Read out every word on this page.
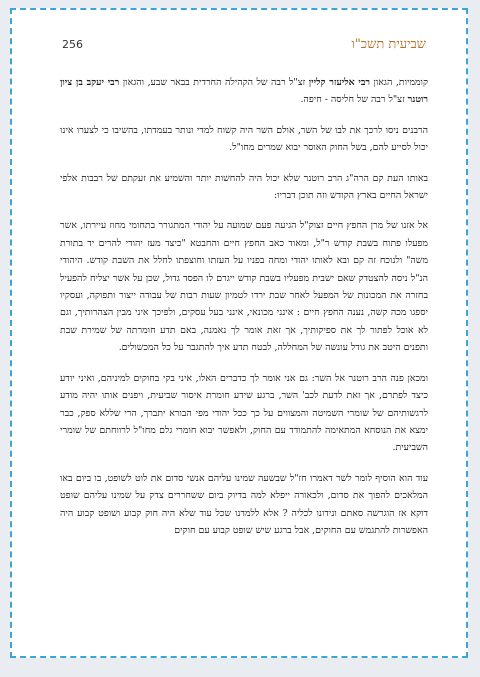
256	שביעית תשכ"ו

קוממיות, הגאון רבי אליעזר קליין זצ"ל רבה של הקהילה החרדית בבאר שבע, והגאון רבי יעקב בן ציון רוטנר זצ"ל רבה של חליסה - חיפה.

הרבנים ניסו לרכך את לבו של השר, אולם השר היה קשוח למדי ונותר בעמדתו, בהשיבו כי לצערו אינו יכול לסייע להם, בשל החוק האוסר יבוא שמרים מחו"ל.

באותו העת קם הרה"ג הרב רוטנר שלא יכול היה להחשות יותר והשמיע את זעקתם של רבבות אלפי ישראל החיים בארץ הקודש וזה תוכן דבריו:

אל אזנו של מרן החפץ חיים זצוק"ל הגיעה פעם שמועה על יהודי המתגורר בתחומי מחוז עיירתו, אשר מפעלו פתוח בשבת קודש ר"ל, ומאוד כאב החפץ חיים והחבטא "כיצד מעז יהודי להרים יד בתורת משה" ולנוכח זה קם ובא לאותו יהודי ומחה בפניו על העזתו וחוצפתו לחלל את השבת קודש. היהודי הנ"ל ניסה להצטדק שאם ישבית מפעליו בשבת קודש ייגרם לו הפסד גדול, שכן על אשר יצליח להפעיל בחזרה את המכונות של המפעל לאחר שבת ירדו לטמיון שעות רבות של עבודה ייצור ותפוקה, ועסקיו יספגו מכה קשה, נענה החפץ חיים : אינני מכונאי, אינני בעל עסקים, ולפיכך איני מבין הצהרותיך, וגם לא אוכל לפתור לך את ספיקותיך, אך זאת אומר לך נאמנה, באם תדע חומרתה של שמירת שבת ותפנים היטב את גודל עונשה של המחללה, לבטח תדע איך להתגבר על כל המכשולים.

ומכאן פנה הרב רוטנר אל השר: גם אני אומר לך כדברים האלו, איני בקי בחוקים למיניהם, ואיני יודע כיצד לפתרם, אך זאת לדעת לכב' השר, ברגע שידע חומרת איסור שביעית, ויפנים אותו יהיה מודע לרגשותיהם של שומרי השמיטה והמצווים על כך ככל יהודי מפי הבורא יתברך, הרי שללא ספק, כבר ימצא את הנוסחא המתאימה להתמודד עם החוק, ולאפשר יבוא חומרי גלם מחו"ל לרווחתם של שומרי השביעית.

עוד הוא הוסיף לומר לשר דאמרו חז"ל שבשעה שמינו עליהם אנשי סדום את לוט לשופט, בו ביום באו המלאכים להפוך את סדום, ולכאורה ייפלא למה בדיוק ביום ששחררים צדק על שמינו עליהם שופט דוקא אז הוגרשה סאתם ונידונו לכליה ? אלא ללמדנו שכל עוד שלא היה חוק קבוע ושופט קבוע היה האפשרות להתגמש עם החוקים, אבל ברגע שיש שופט קבוע עם חוקים
